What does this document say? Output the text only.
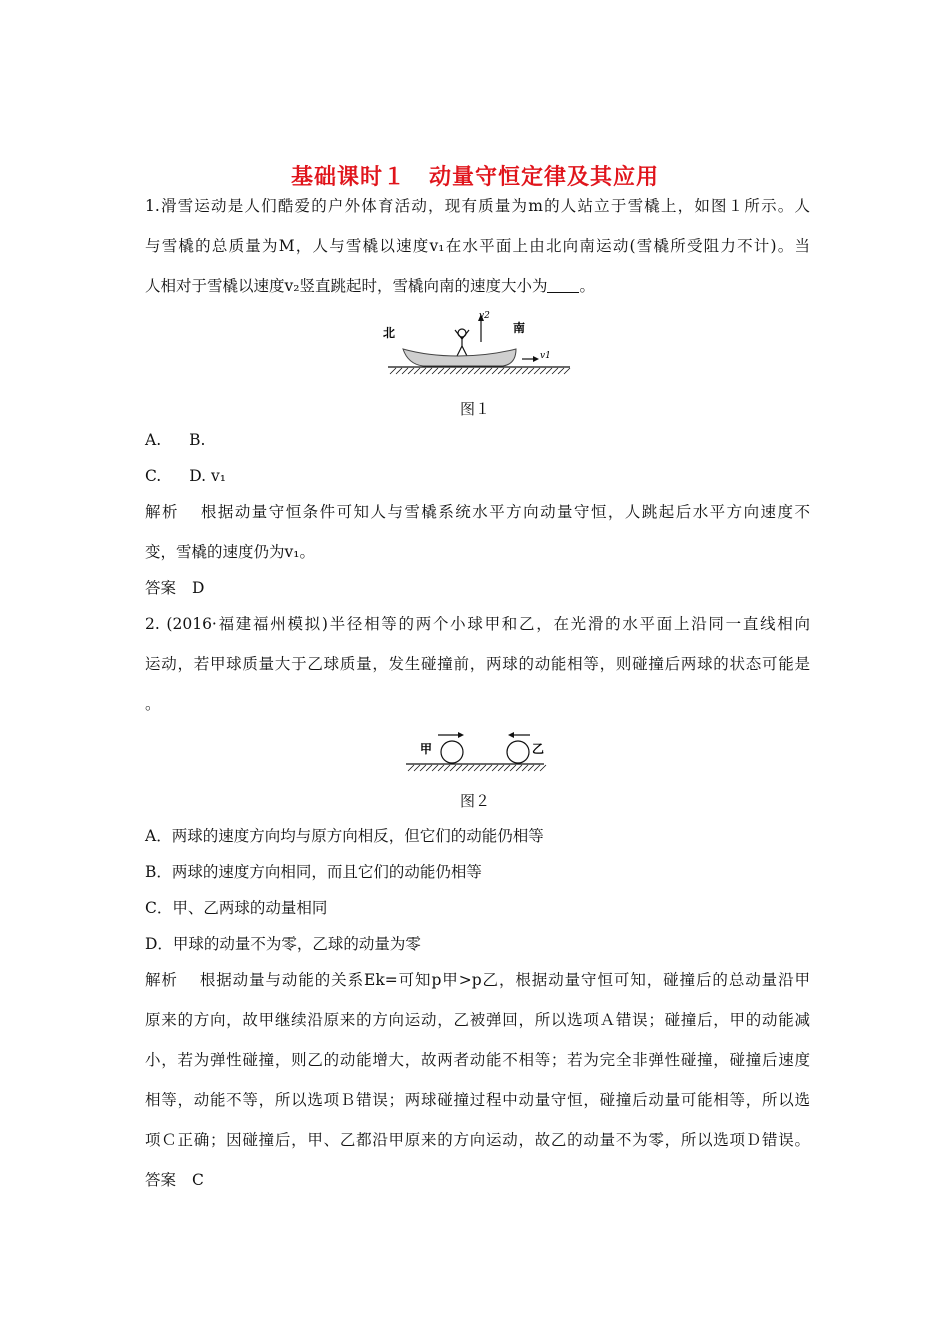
基础课时１　动量守恒定律及其应用
1.滑雪运动是人们酷爱的户外体育活动，现有质量为m的人站立于雪橇上，如图１所示。人
与雪橇的总质量为M，人与雪橇以速度v₁在水平面上由北向南运动(雪橇所受阻力不计)。当
人相对于雪橇以速度v₂竖直跳起时，雪橇向南的速度大小为 。
北	南
v2
v1
图１
A. B.
C. D. v₁
解析 根据动量守恒条件可知人与雪橇系统水平方向动量守恒，人跳起后水平方向速度不
变，雪橇的速度仍为v₁。
答案 D
2. (2016·福建福州模拟)半径相等的两个小球甲和乙，在光滑的水平面上沿同一直线相向
运动，若甲球质量大于乙球质量，发生碰撞前，两球的动能相等，则碰撞后两球的状态可能是
。
甲	乙
图２
A．两球的速度方向均与原方向相反，但它们的动能仍相等
B．两球的速度方向相同，而且它们的动能仍相等
C．甲、乙两球的动量相同
D．甲球的动量不为零，乙球的动量为零
解析 根据动量与动能的关系Ek=可知p甲>p乙，根据动量守恒可知，碰撞后的总动量沿甲
原来的方向，故甲继续沿原来的方向运动，乙被弹回，所以选项Ａ错误；碰撞后，甲的动能减
小，若为弹性碰撞，则乙的动能增大，故两者动能不相等；若为完全非弹性碰撞，碰撞后速度
相等，动能不等，所以选项Ｂ错误；两球碰撞过程中动量守恒，碰撞后动量可能相等，所以选
项Ｃ正确；因碰撞后，甲、乙都沿甲原来的方向运动，故乙的动量不为零，所以选项Ｄ错误。
答案 C
